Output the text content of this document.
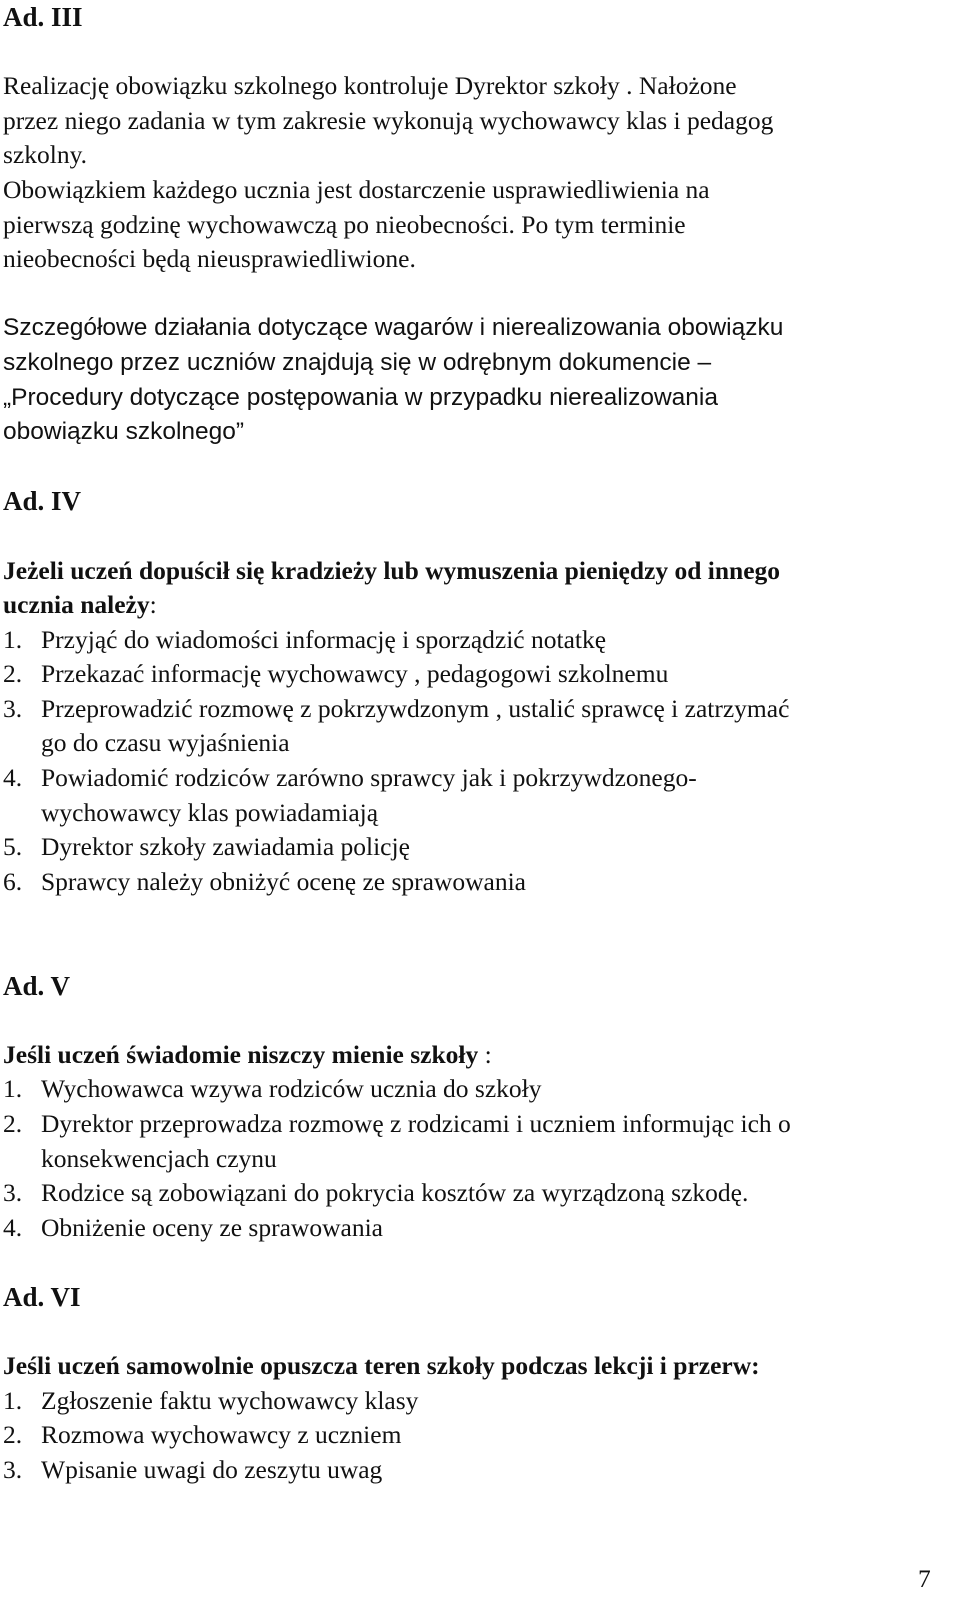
Ad. III

Realizację obowiązku szkolnego kontroluje Dyrektor szkoły . Nałożone

przez niego zadania w tym zakresie wykonują wychowawcy klas i pedagog

szkolny.

Obowiązkiem każdego ucznia jest dostarczenie usprawiedliwienia na

pierwszą godzinę wychowawczą po nieobecności. Po tym terminie

nieobecności będą nieusprawiedliwione.

Szczegółowe działania dotyczące wagarów i nierealizowania obowiązku

szkolnego przez uczniów znajdują się w odrębnym dokumencie –

„Procedury dotyczące postępowania w przypadku nierealizowania

obowiązku szkolnego”

Ad. IV

Jeżeli uczeń dopuścił się kradzieży lub wymuszenia pieniędzy od innego

ucznia należy:

1. Przyjąć do wiadomości informację i sporządzić notatkę
2. Przekazać informację wychowawcy , pedagogowi szkolnemu
3. Przeprowadzić rozmowę z pokrzywdzonym , ustalić sprawcę i zatrzymać
go do czasu wyjaśnienia
4. Powiadomić rodziców zarówno sprawcy jak i pokrzywdzonego-
wychowawcy klas powiadamiają
5. Dyrektor szkoły zawiadamia policję
6. Sprawcy należy obniżyć ocenę ze sprawowania
Ad. V

Jeśli uczeń świadomie niszczy mienie szkoły :

1. Wychowawca wzywa rodziców ucznia do szkoły
2. Dyrektor przeprowadza rozmowę z rodzicami i uczniem informując ich o
konsekwencjach czynu
3. Rodzice są zobowiązani do pokrycia kosztów za wyrządzoną szkodę.
4. Obniżenie oceny ze sprawowania
Ad. VI

Jeśli uczeń samowolnie opuszcza teren szkoły podczas lekcji i przerw:

1. Zgłoszenie faktu wychowawcy klasy
2. Rozmowa wychowawcy z uczniem
3. Wpisanie uwagi do zeszytu uwag
7
